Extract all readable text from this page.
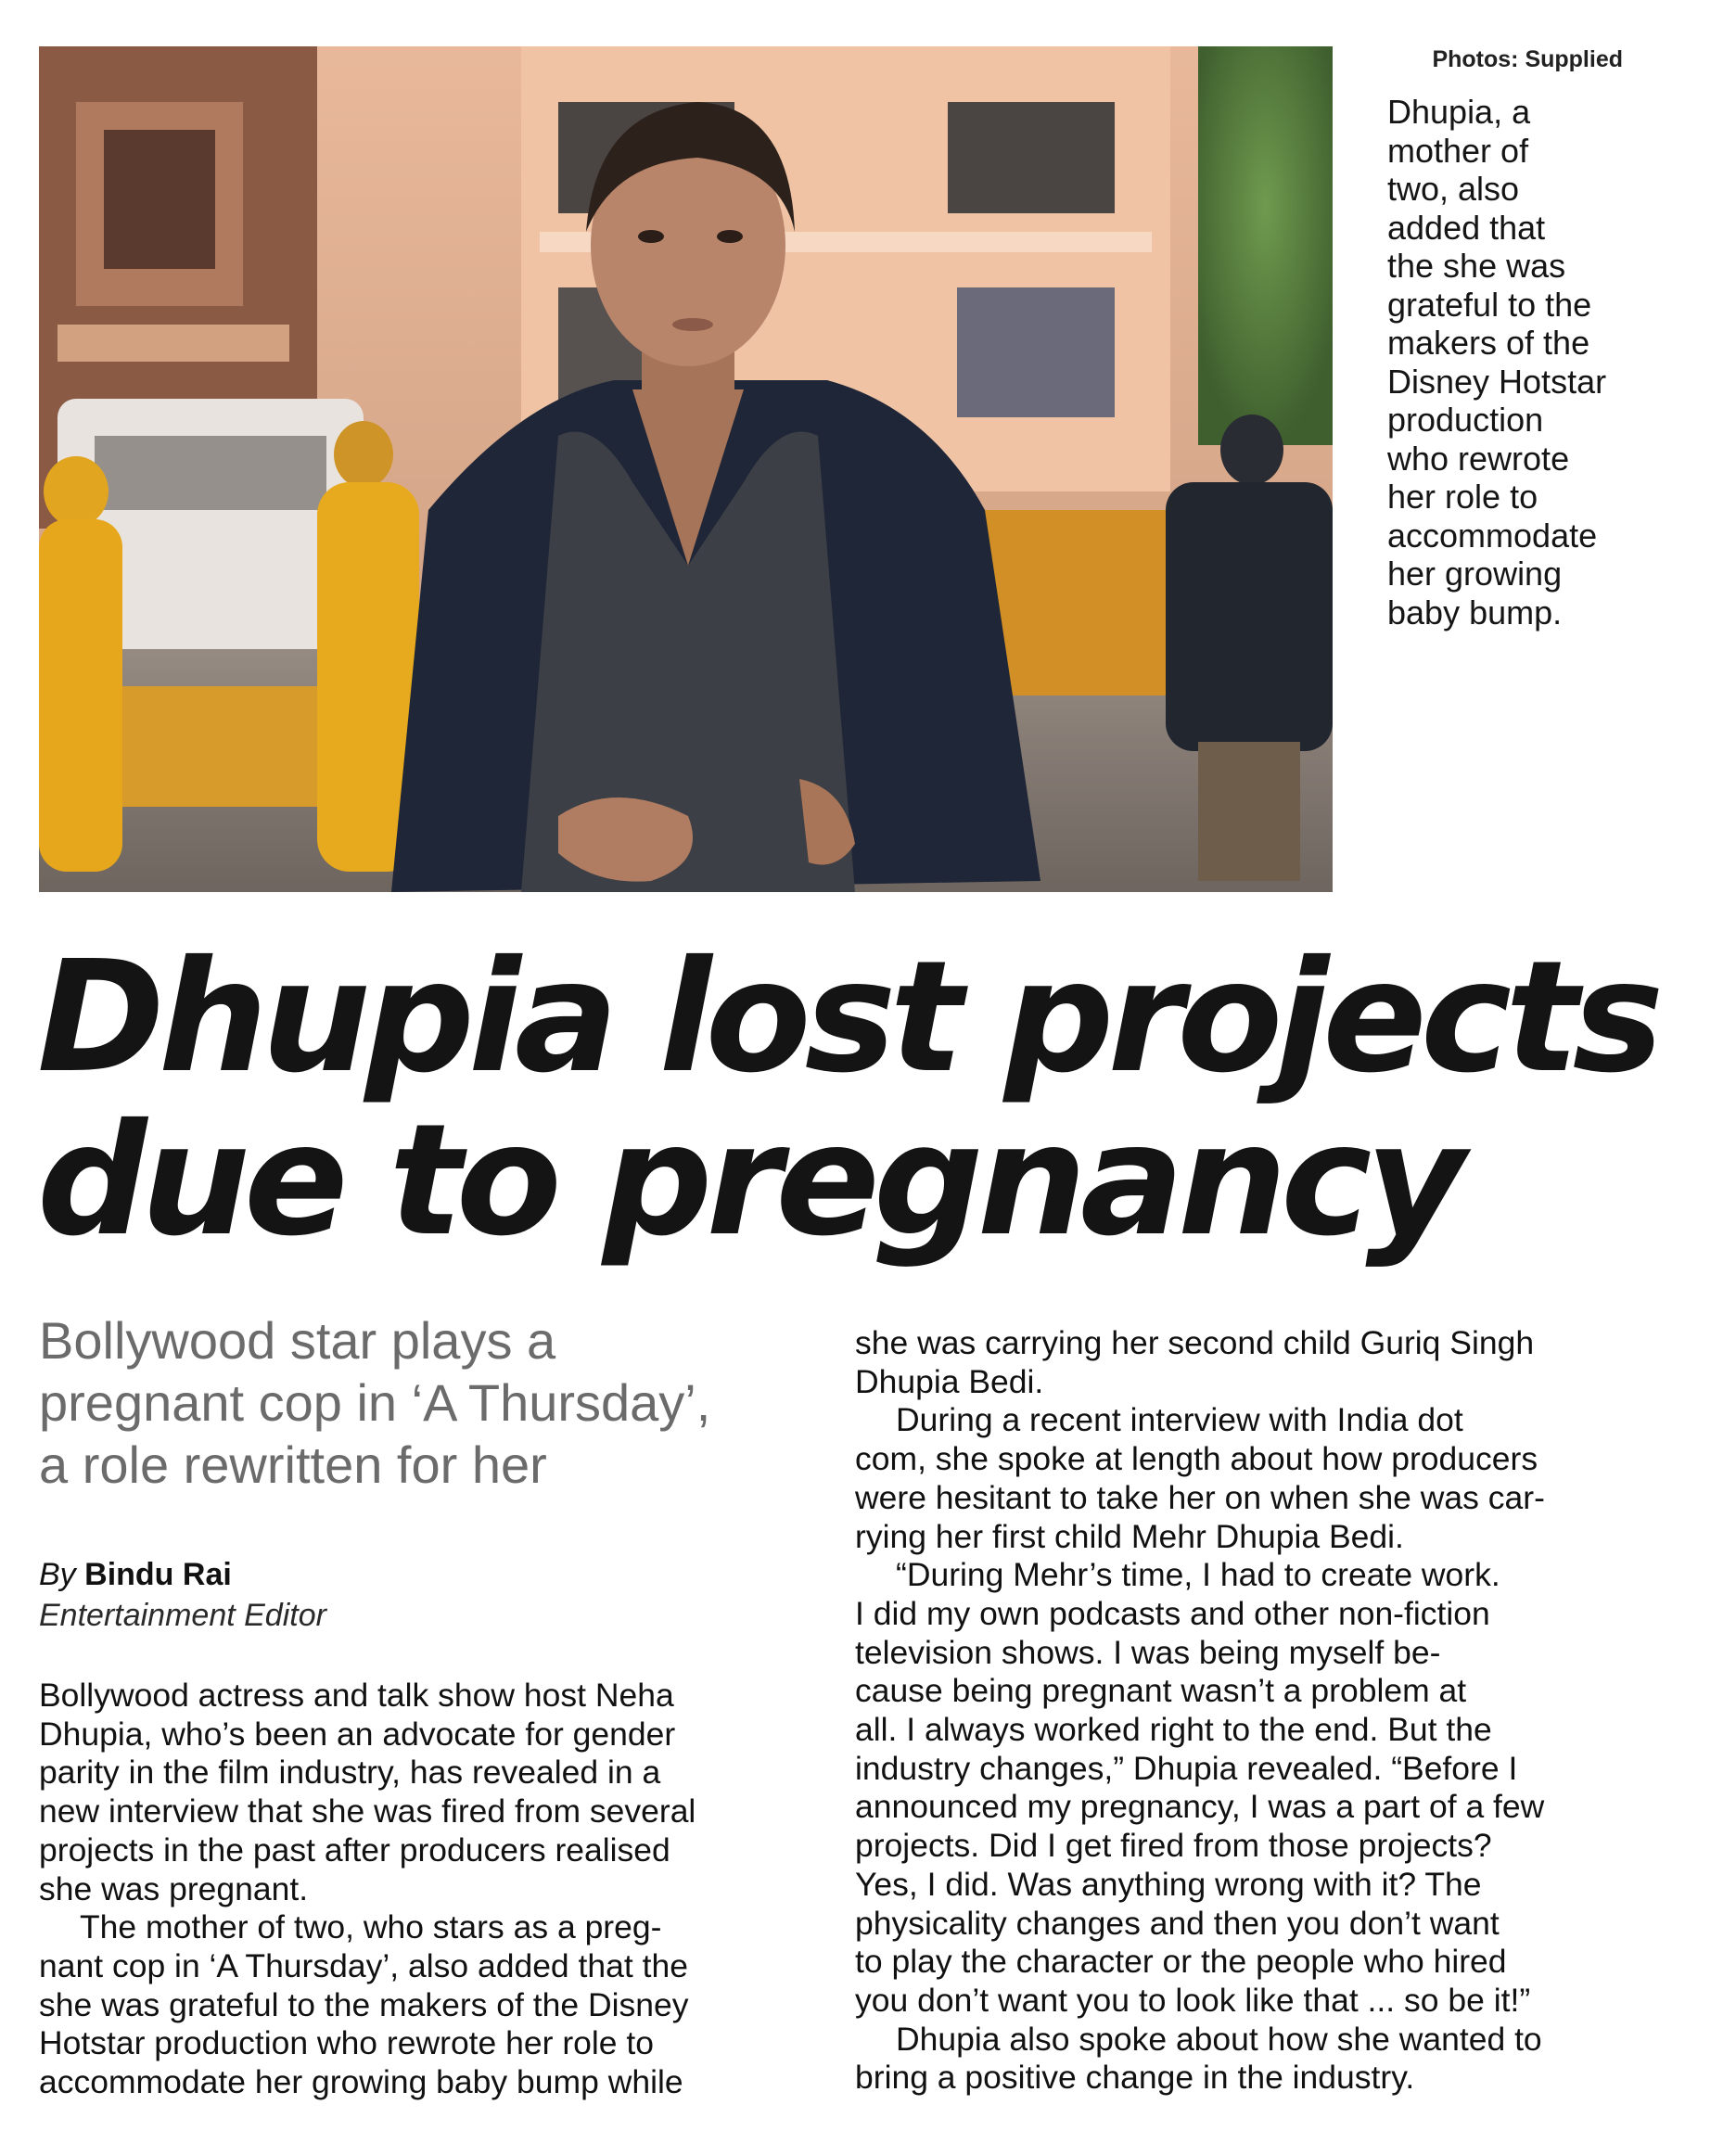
Photos: Supplied
Dhupia, a
mother of
two, also
added that
the she was
grateful to the
makers of the
Disney Hotstar
production
who rewrote
her role to
accommodate
her growing
baby bump.
Dhupia lost projects
due to pregnancy
Bollywood star plays a
pregnant cop in ‘A Thursday’,
a role rewritten for her
By Bindu Rai
Entertainment Editor

Bollywood actress and talk show host Neha
Dhupia, who’s been an advocate for gender
parity in the film industry, has revealed in a
new interview that she was fired from several
projects in the past after producers realised
she was pregnant.

The mother of two, who stars as a preg-
nant cop in ‘A Thursday’, also added that the
she was grateful to the makers of the Disney
Hotstar production who rewrote her role to
accommodate her growing baby bump while

she was carrying her second child Guriq Singh
Dhupia Bedi.

During a recent interview with India dot
com, she spoke at length about how producers
were hesitant to take her on when she was car-
rying her first child Mehr Dhupia Bedi.

“During Mehr’s time, I had to create work.
I did my own podcasts and other non-fiction
television shows. I was being myself be-
cause being pregnant wasn’t a problem at
all. I always worked right to the end. But the
industry changes,” Dhupia revealed. “Before I
announced my pregnancy, I was a part of a few
projects. Did I get fired from those projects?
Yes, I did. Was anything wrong with it? The
physicality changes and then you don’t want
to play the character or the people who hired
you don’t want you to look like that ... so be it!”

Dhupia also spoke about how she wanted to
bring a positive change in the industry.
